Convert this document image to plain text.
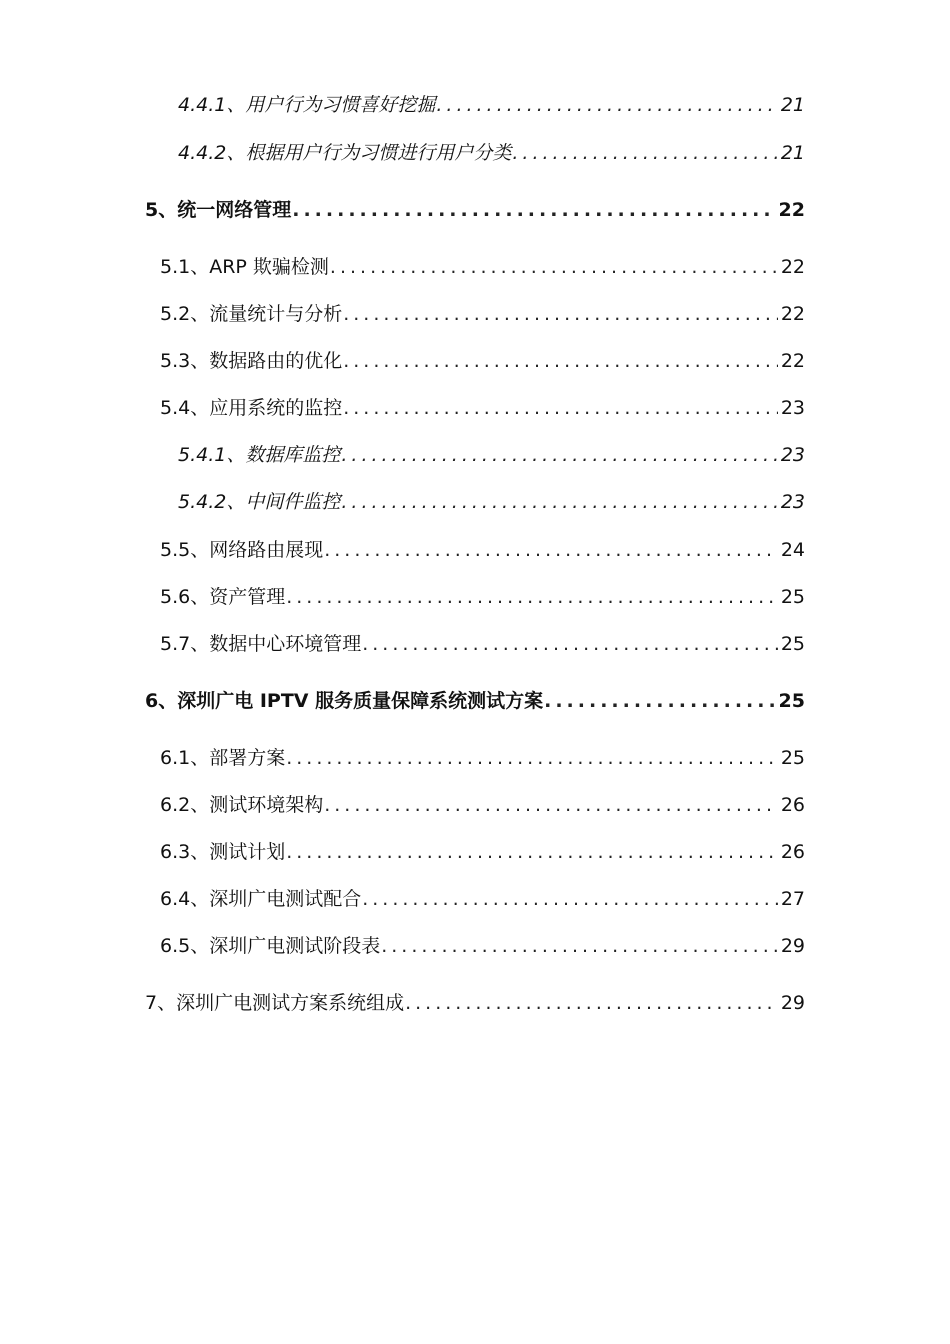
4.4.1、用户行为习惯喜好挖掘 .....	21
4.4.2、根据用户行为习惯进行用户分类 .....	21
5、统一网络管理 .....	22
5.1、ARP 欺骗检测 .....	22
5.2、流量统计与分析 .....	22
5.3、数据路由的优化 .....	22
5.4、应用系统的监控 .....	23
5.4.1、数据库监控 .....	23
5.4.2、中间件监控 .....	23
5.5、网络路由展现 .....	24
5.6、资产管理 .....	25
5.7、数据中心环境管理 .....	25
6、深圳广电 IPTV 服务质量保障系统测试方案 .....	25
6.1、部署方案 .....	25
6.2、测试环境架构 .....	26
6.3、测试计划 .....	26
6.4、深圳广电测试配合 .....	27
6.5、深圳广电测试阶段表 .....	29
7、深圳广电测试方案系统组成 .....	29
